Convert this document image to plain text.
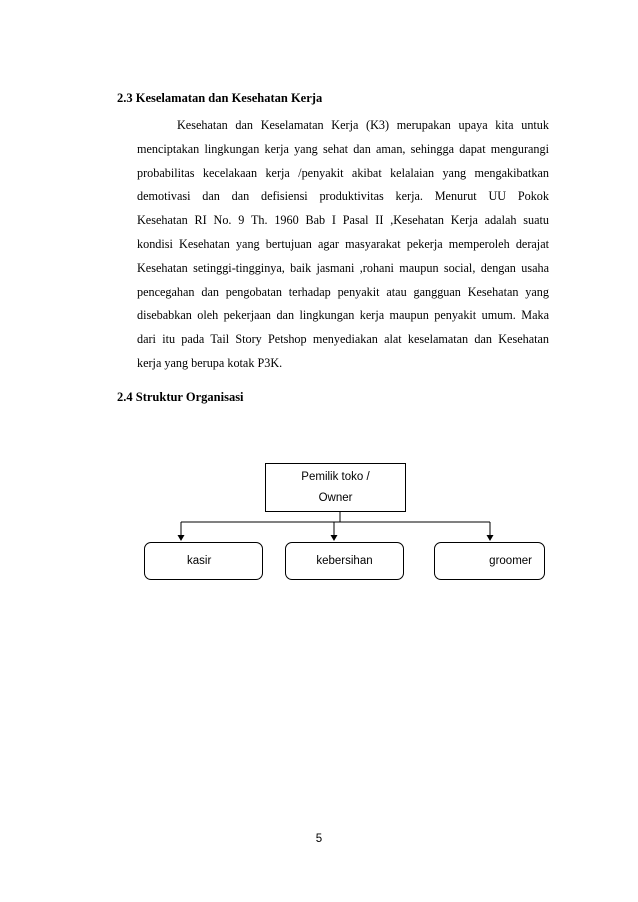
2.3 Keselamatan dan Kesehatan Kerja
Kesehatan dan Keselamatan Kerja (K3) merupakan upaya kita untuk
menciptakan lingkungan kerja yang sehat dan aman, sehingga dapat mengurangi
probabilitas kecelakaan kerja /penyakit akibat kelalaian yang mengakibatkan
demotivasi dan dan defisiensi produktivitas kerja. Menurut UU Pokok
Kesehatan RI No. 9 Th. 1960 Bab I Pasal II ,Kesehatan Kerja adalah suatu
kondisi Kesehatan yang bertujuan agar masyarakat pekerja memperoleh derajat
Kesehatan setinggi-tingginya, baik jasmani ,rohani maupun social, dengan usaha
pencegahan dan pengobatan terhadap penyakit atau gangguan Kesehatan yang
disebabkan oleh pekerjaan dan lingkungan kerja maupun penyakit umum. Maka
dari itu pada Tail Story Petshop menyediakan alat keselamatan dan Kesehatan
kerja yang berupa kotak P3K.
2.4 Struktur Organisasi
Pemilik toko /
Owner
kasir	kebersihan	groomer
5
